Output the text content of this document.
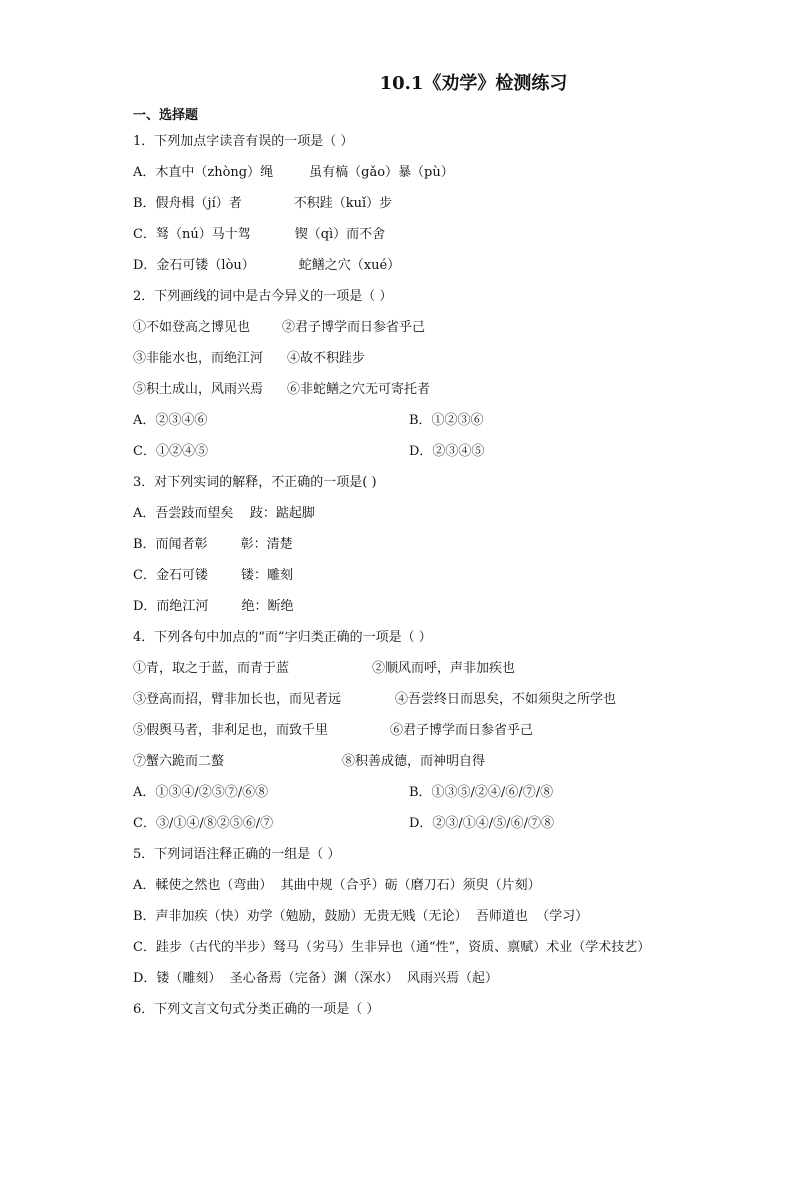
10.1《劝学》检测练习
一、选择题
1．下列加点字读音有误的一项是（ ）
A．木直中（zhòng）绳	虽有槁（gǎo）暴（pù）
B．假舟楫（jí）者	不积跬（kuǐ）步
C．驽（nú）马十驾	锲（qì）而不舍
D．金石可镂（lòu）	蛇鳝之穴（xué）
2．下列画线的词中是古今异义的一项是（ ）
①不如登高之博见也 ②君子博学而日参省乎己
③非能水也，而绝江河 ④故不积跬步
⑤积土成山，风雨兴焉 ⑥非蛇鳝之穴无可寄托者
A．②③④⑥	B．①②③⑥
C．①②④⑤	D．②③④⑤
3．对下列实词的解释，不正确的一项是( )
A．吾尝跂而望矣    跂：踮起脚
B．而闻者彰        彰：清楚
C．金石可镂        镂：雕刻
D．而绝江河        绝：断绝
4．下列各句中加点的“而”字归类正确的一项是（ ）
①青，取之于蓝，而青于蓝	②顺风而呼，声非加疾也
③登高而招，臂非加长也，而见者远	④吾尝终日而思矣，不如须臾之所学也
⑤假舆马者，非利足也，而致千里	⑥君子博学而日参省乎己
⑦蟹六跪而二螯	⑧积善成德，而神明自得
A．①③④/②⑤⑦/⑥⑧	B．①③⑤/②④/⑥/⑦/⑧
C．③/①④/⑧②⑤⑥/⑦	D．②③/①④/⑤/⑥/⑦⑧
5．下列词语注释正确的一组是（ ）
A．輮使之然也（弯曲）  其曲中规（合乎）砺（磨刀石）须臾（片刻）
B．声非加疾（快）劝学（勉励，鼓励）无贵无贱（无论）  吾师道也  （学习）
C．跬步（古代的半步）驽马（劣马）生非异也（通“性”，资质、禀赋）术业（学术技艺）
D．镂（雕刻）  圣心备焉（完备）渊（深水）  风雨兴焉（起）
6．下列文言文句式分类正确的一项是（ ）
